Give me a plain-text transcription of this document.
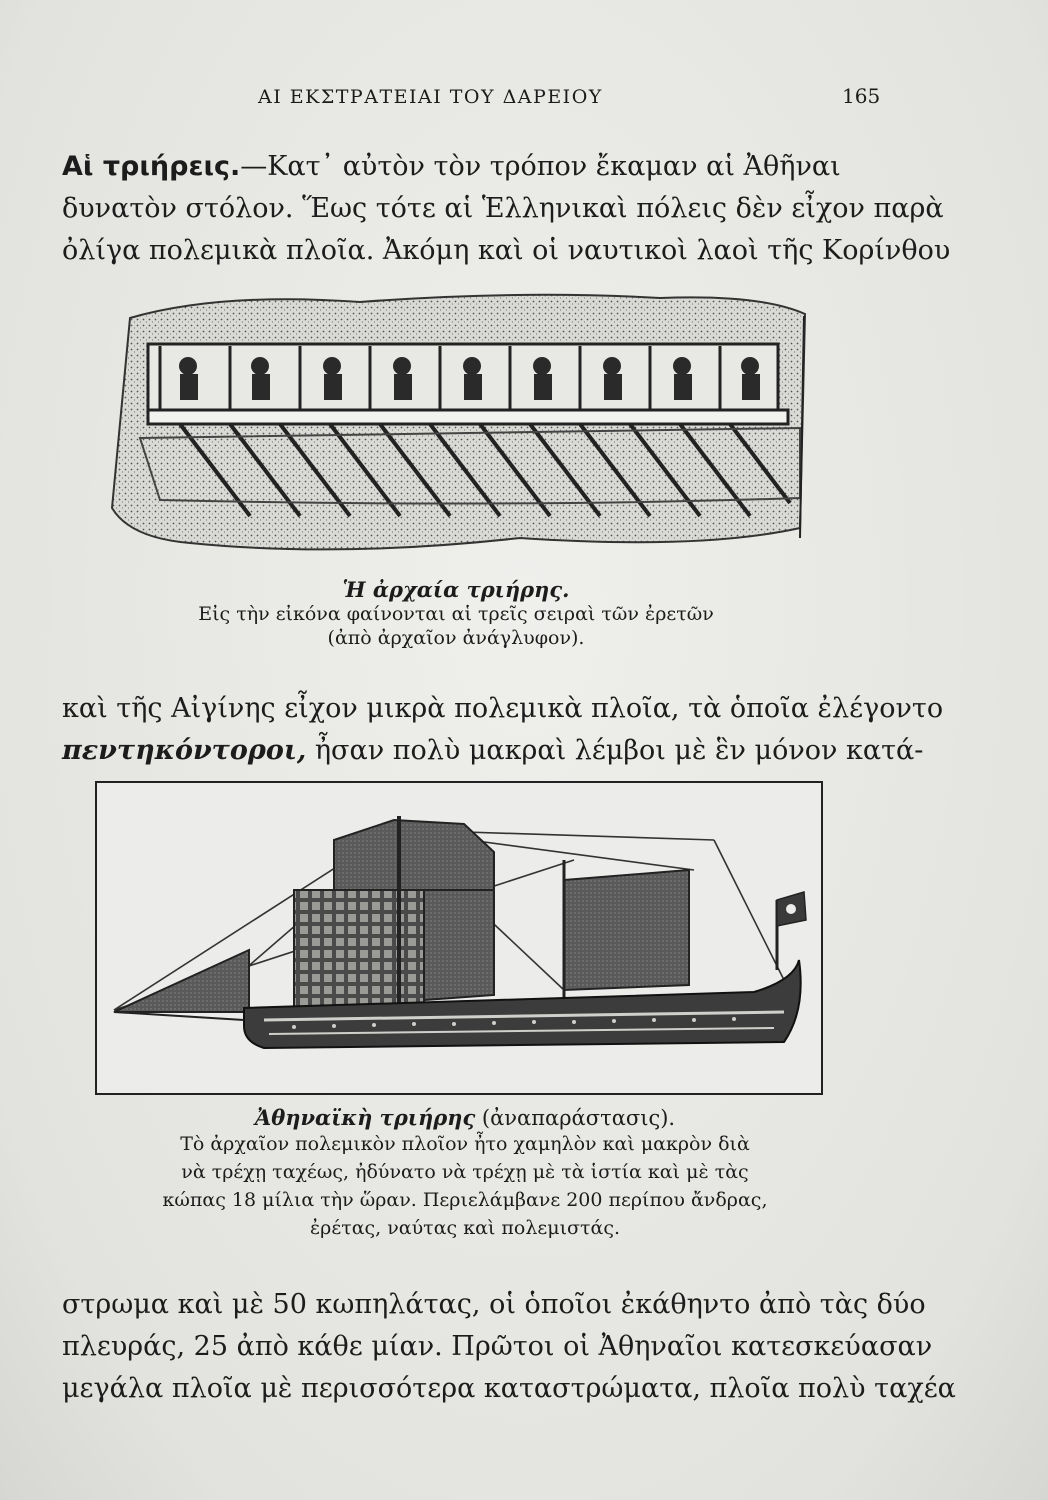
ΑΙ ΕΚΣΤΡΑΤΕΙΑΙ ΤΟΥ ΔΑΡΕΙΟΥ	165
Αἱ τριήρεις.—Κατ᾽ αὐτὸν τὸν τρόπον ἔκαμαν αἱ Ἀθῆναι
δυνατὸν στόλον. Ἕως τότε αἱ Ἑλληνικαὶ πόλεις δὲν εἶχον παρὰ
ὀλίγα πολεμικὰ πλοῖα. Ἀκόμη καὶ οἱ ναυτικοὶ λαοὶ τῆς Κορίνθου
Ἡ ἀρχαία τριήρης.
Εἰς τὴν εἰκόνα φαίνονται αἱ τρεῖς σειραὶ τῶν ἐρετῶν
(ἀπὸ ἀρχαῖον ἀνάγλυφον).
καὶ τῆς Αἰγίνης εἶχον μικρὰ πολεμικὰ πλοῖα, τὰ ὁποῖα ἐλέγοντο
πεντηκόντοροι, ἦσαν πολὺ μακραὶ λέμβοι μὲ ἓν μόνον κατά-
Ἀθηναϊκὴ τριήρης (ἀναπαράστασις).
Τὸ ἀρχαῖον πολεμικὸν πλοῖον ἦτο χαμηλὸν καὶ μακρὸν διὰ
νὰ τρέχῃ ταχέως, ἠδύνατο νὰ τρέχῃ μὲ τὰ ἱστία καὶ μὲ τὰς
κώπας 18 μίλια τὴν ὥραν. Περιελάμβανε 200 περίπου ἄνδρας,
ἐρέτας, ναύτας καὶ πολεμιστάς.
στρωμα καὶ μὲ 50 κωπηλάτας, οἱ ὁποῖοι ἐκάθηντο ἀπὸ τὰς δύο
πλευράς, 25 ἀπὸ κάθε μίαν. Πρῶτοι οἱ Ἀθηναῖοι κατεσκεύασαν
μεγάλα πλοῖα μὲ περισσότερα καταστρώματα, πλοῖα πολὺ ταχέα
